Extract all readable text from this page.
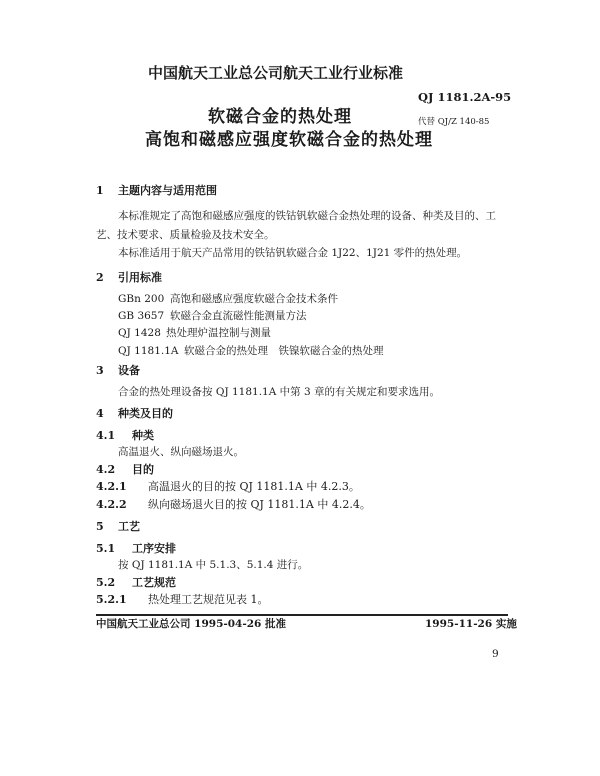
中国航天工业总公司航天工业行业标准
QJ 1181.2A-95
软磁合金的热处理	代替 QJ/Z 140-85
高饱和磁感应强度软磁合金的热处理
1 主题内容与适用范围
本标准规定了高饱和磁感应强度的铁钴钒软磁合金热处理的设备、种类及目的、工
艺、技术要求、质量检验及技术安全。
本标准适用于航天产品常用的铁钴钒软磁合金 1J22、1J21 零件的热处理。
2 引用标准
GBn 200 高饱和磁感应强度软磁合金技术条件
GB 3657 软磁合金直流磁性能测量方法
QJ 1428 热处理炉温控制与测量
QJ 1181.1A 软磁合金的热处理　铁镍软磁合金的热处理
3 设备
合金的热处理设备按 QJ 1181.1A 中第 3 章的有关规定和要求选用。
4 种类及目的
4.1 种类
高温退火、纵向磁场退火。
4.2 目的
4.2.1 高温退火的目的按 QJ 1181.1A 中 4.2.3。
4.2.2 纵向磁场退火目的按 QJ 1181.1A 中 4.2.4。
5 工艺
5.1 工序安排
按 QJ 1181.1A 中 5.1.3、5.1.4 进行。
5.2 工艺规范
5.2.1 热处理工艺规范见表 1。
中国航天工业总公司 1995-04-26 批准	1995-11-26 实施
9
